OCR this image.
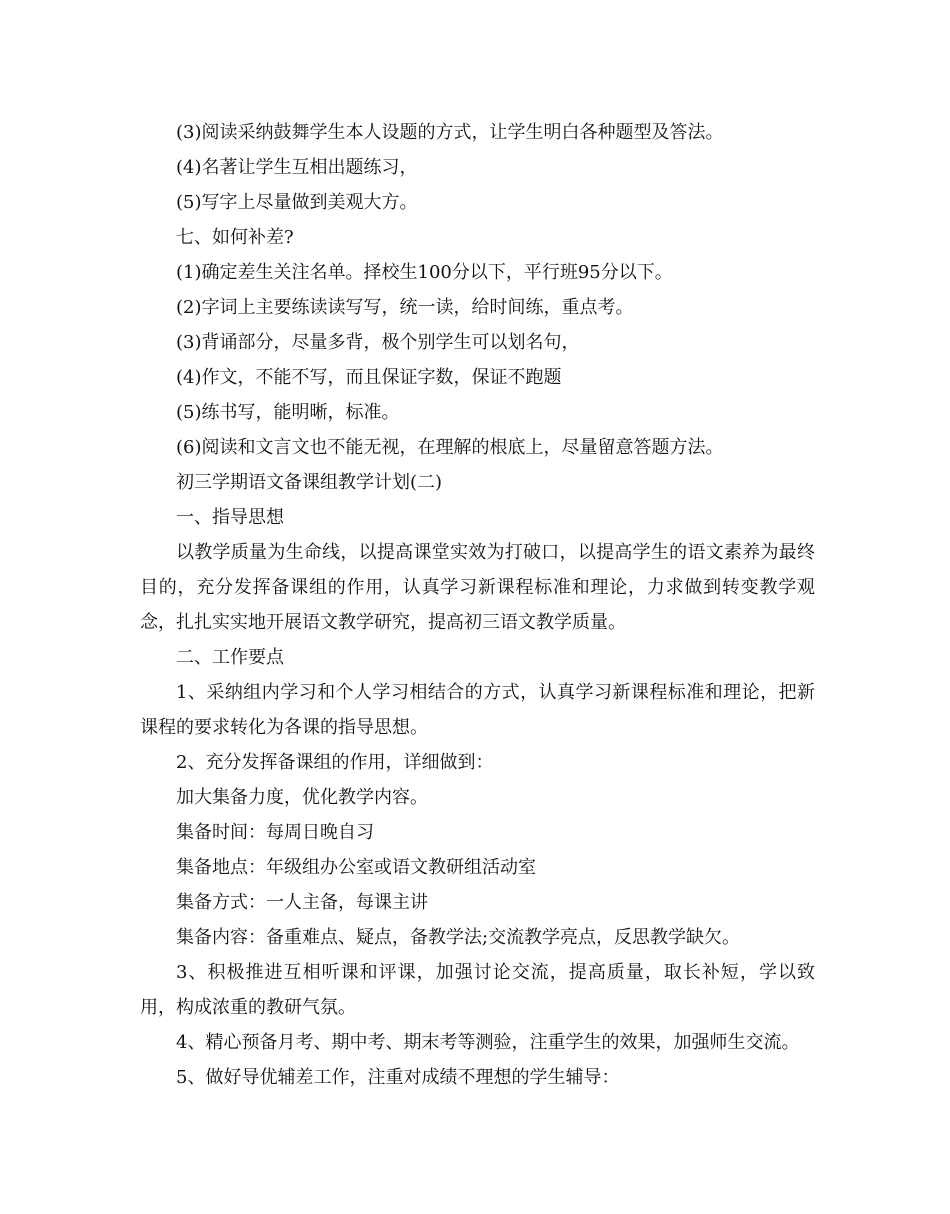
(3)阅读采纳鼓舞学生本人设题的方式，让学生明白各种题型及答法。

(4)名著让学生互相出题练习，

(5)写字上尽量做到美观大方。

七、如何补差?

(1)确定差生关注名单。择校生100分以下，平行班95分以下。

(2)字词上主要练读读写写，统一读，给时间练，重点考。

(3)背诵部分，尽量多背，极个别学生可以划名句，

(4)作文，不能不写，而且保证字数，保证不跑题

(5)练书写，能明晰，标准。

(6)阅读和文言文也不能无视，在理解的根底上，尽量留意答题方法。

初三学期语文备课组教学计划(二)

一、指导思想

以教学质量为生命线，以提高课堂实效为打破口，以提高学生的语文素养为最终目的，充分发挥备课组的作用，认真学习新课程标准和理论，力求做到转变教学观念，扎扎实实地开展语文教学研究，提高初三语文教学质量。

二、工作要点

1、采纳组内学习和个人学习相结合的方式，认真学习新课程标准和理论，把新课程的要求转化为各课的指导思想。

2、充分发挥备课组的作用，详细做到：

加大集备力度，优化教学内容。

集备时间：每周日晚自习

集备地点：年级组办公室或语文教研组活动室

集备方式：一人主备，每课主讲

集备内容：备重难点、疑点，备教学法;交流教学亮点，反思教学缺欠。

3、积极推进互相听课和评课，加强讨论交流，提高质量，取长补短，学以致用，构成浓重的教研气氛。

4、精心预备月考、期中考、期末考等测验，注重学生的效果，加强师生交流。

5、做好导优辅差工作，注重对成绩不理想的学生辅导：
